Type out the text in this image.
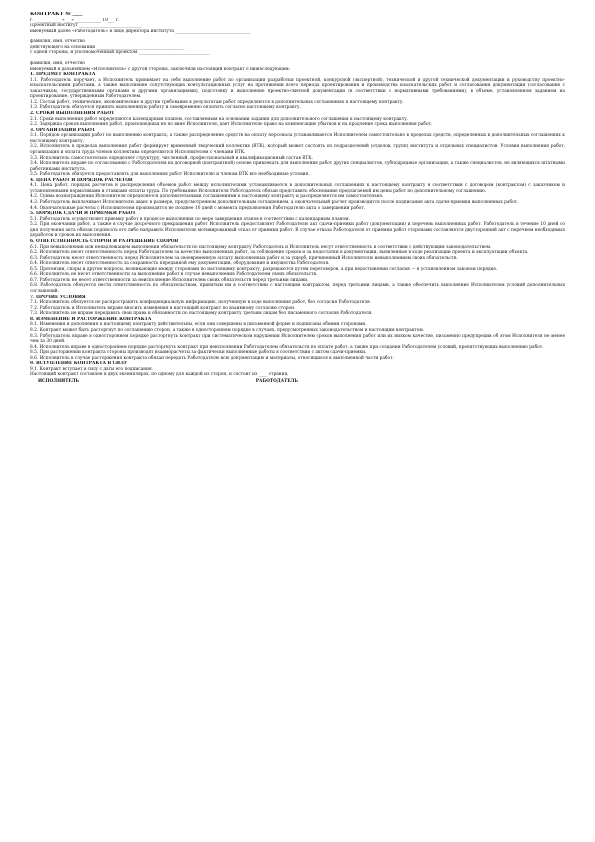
КОНТРАКТ № ____
г. ____________ «___» ____________ 19___ г.
Проектный институт _____________________________
именуемый далее «Работодатель» в лице директора института ___________________________________
фамилия, имя, отчество
действующего на основании _________________________________________
с одной стороны, и уполномоченный проектом _________________________________
фамилия, имя, отчество
именуемый в дальнейшем «Исполнитель» с другой стороны, заключили настоящий контракт о нижеследующем:
1. ПРЕДМЕТ КОНТРАКТА

1.1. Работодатель поручает, а Исполнитель принимает на себя выполнение работ по организации разработки проектной, конкурсной (экспертной), технической и другой технической документации и руководству проектно-изыскательскими работами, а также выполнение сопутствующих консультационных услуг на протяжении всего периода проектирования и производства изыскательских работ и согласования документации (согласование с заказчиком, государственными органами и другими организациями), подготовку и выполнение проектно-сметной документации (в соответствии с нормативными требованиями), в объеме, установленном заданием на проектирование, утвержденным Работодателем.

1.2. Состав работ, технические, экономические и другие требования к результатам работ определяются в дополнительных соглашениях к настоящему контракту.

1.3. Работодатель обязуется принять выполненную работу и своевременно оплатить согласно настоящему контракту.

2. СРОКИ ВЫПОЛНЕНИЯ РАБОТ

2.1. Сроки выполнения работ определяются календарным планом, составляемым на основании задания для дополнительного соглашения к настоящему контракту.

2.2. Задержка сроков выполнения работ, произошедшая не по вине Исполнителя, дает Исполнителю право на компенсацию убытков и на продление срока выполнения работ.

3. ОРГАНИЗАЦИЯ РАБОТ

3.1. Порядок организации работ по выполнению контракта, а также распределение средств на оплату персонала устанавливается Исполнителем самостоятельно в пределах средств, определенных в дополнительных соглашениях к настоящему контракту.

3.2. Исполнитель в пределах выполнения работ формирует временный творческий коллектив (ВТК), который может состоять из подразделений (отделов, групп) института и отдельных специалистов. Условия выполнения работ, организация и оплата труда членов коллектива определяются Исполнителем с членами ВТК.

3.3. Исполнитель самостоятельно определяет структуру, численный, профессиональный и квалификационный состав ВТК.

3.4. Исполнитель вправе по согласованию с Работодателем на договорной (контрактной) основе привлекать для выполнения работ других специалистов, субподрядные организации, а также специалистов, не являющихся штатными работниками института.

3.5. Работодатель обязуется предоставлять для выполнения работ Исполнителю и членам ВТК все необходимые условия.

4. ЦЕНА РАБОТ И ПОРЯДОК РАСЧЕТОВ

4.1. Цена работ, порядок расчетов и распределения объемов работ между исполнителями устанавливается в дополнительных соглашениях к настоящему контракту в соответствии с договором (контрактом) с заказчиком и установленными нормативами и ставками оплаты труда. По требованию Исполнителя Работодатель обязан представить обоснование предлагаемой им цены работ по дополнительному соглашению.

4.2. Сумма вознаграждения Исполнителя определяется дополнительными соглашениями к настоящему контракту и распределяется им самостоятельно.

4.3. Работодатель выплачивает Исполнителю аванс в размере, предусмотренном дополнительным соглашением, а окончательный расчет производится после подписания акта сдачи-приемки выполненных работ.

4.4. Окончательные расчеты с Исполнителем производятся не позднее 10 дней с момента предъявления Работодателю акта о завершении работ.

5. ПОРЯДОК СДАЧИ И ПРИЕМКИ РАБОТ

5.1. Работодатель осуществляет приемку работ в процессе выполнения по мере завершения этапов в соответствии с календарным планом.

5.2. При окончании работ, а также в случае досрочного прекращения работ Исполнитель предоставляет Работодателю акт сдачи-приемки работ (документации) и перечень выполненных работ. Работодатель в течение 10 дней со дня получения акта обязан подписать его либо направить Исполнителю мотивированный отказ от приемки работ. В случае отказа Работодателя от приемки работ сторонами составляется двусторонний акт с перечнем необходимых доработок и сроков их выполнения.

6. ОТВЕТСТВЕННОСТЬ СТОРОН И РАЗРЕШЕНИЕ СПОРОВ

6.1. При невыполнении или ненадлежащем выполнении обязательств по настоящему контракту Работодатель и Исполнитель несут ответственность в соответствии с действующим законодательством.

6.2. Исполнитель несет ответственность перед Работодателем за качество выполненных работ, за соблюдение сроков и за недостатки в документации, выявленные в ходе реализации проекта и эксплуатации объекта.

6.3. Работодатель несет ответственность перед Исполнителем за своевременную оплату выполненных работ и за ущерб, причиненный Исполнителю невыполнением своих обязательств.

6.4. Исполнитель несет ответственность за сохранность переданной ему документации, оборудования и имущества Работодателя.

6.5. Претензии, споры и другие вопросы, возникающие между сторонами по настоящему контракту, разрешаются путем переговоров, а при недостижении согласия — в установленном законом порядке.

6.6. Исполнитель не несет ответственности за выполнение работ в случае невыполнения Работодателем своих обязательств.

6.7. Работодатель не несет ответственности за неисполнение Исполнителем своих обязательств перед третьими лицами.

6.8. Работодатель обязуется нести ответственность по обязательствам, принятым им в соответствии с настоящим контрактом, перед третьими лицами, а также обеспечить выполнение Исполнителем условий дополнительных соглашений.

7. ПРОЧИЕ УСЛОВИЯ

7.1. Исполнитель обязуется не распространять конфиденциальную информацию, полученную в ходе выполнения работ, без согласия Работодателя.

7.2. Работодатель и Исполнитель вправе вносить изменения в настоящий контракт по взаимному согласию сторон.

7.3. Исполнитель не вправе передавать свои права и обязанности по настоящему контракту третьим лицам без письменного согласия Работодателя.

8. ИЗМЕНЕНИЕ И РАСТОРЖЕНИЕ КОНТРАКТА

8.1. Изменения и дополнения к настоящему контракту действительны, если они совершены в письменной форме и подписаны обеими сторонами.

8.2. Контракт может быть расторгнут по соглашению сторон, а также в одностороннем порядке в случаях, предусмотренных законодательством и настоящим контрактом.

8.3. Работодатель вправе в одностороннем порядке расторгнуть контракт при систематическом нарушении Исполнителем сроков выполнения работ или их низком качестве, письменно предупредив об этом Исполнителя не менее чем за 30 дней.

8.4. Исполнитель вправе в одностороннем порядке расторгнуть контракт при неисполнении Работодателем обязательств по оплате работ, а также при создании Работодателем условий, препятствующих выполнению работ.

8.5. При расторжении контракта стороны производят взаиморасчеты за фактически выполненные работы в соответствии с актом сдачи-приемки.

8.6. Исполнитель в случае расторжения контракта обязан передать Работодателю всю документацию и материалы, относящиеся к выполненной части работ.

9. ВСТУПЛЕНИЕ КОНТРАКТА В СИЛУ

9.1. Контракт вступает в силу с даты его подписания.

Настоящий контракт составлен в двух экземплярах, по одному для каждой из сторон, и состоит из ____ страниц.

ИСПОЛНИТЕЛЬ	РАБОТОДАТЕЛЬ
